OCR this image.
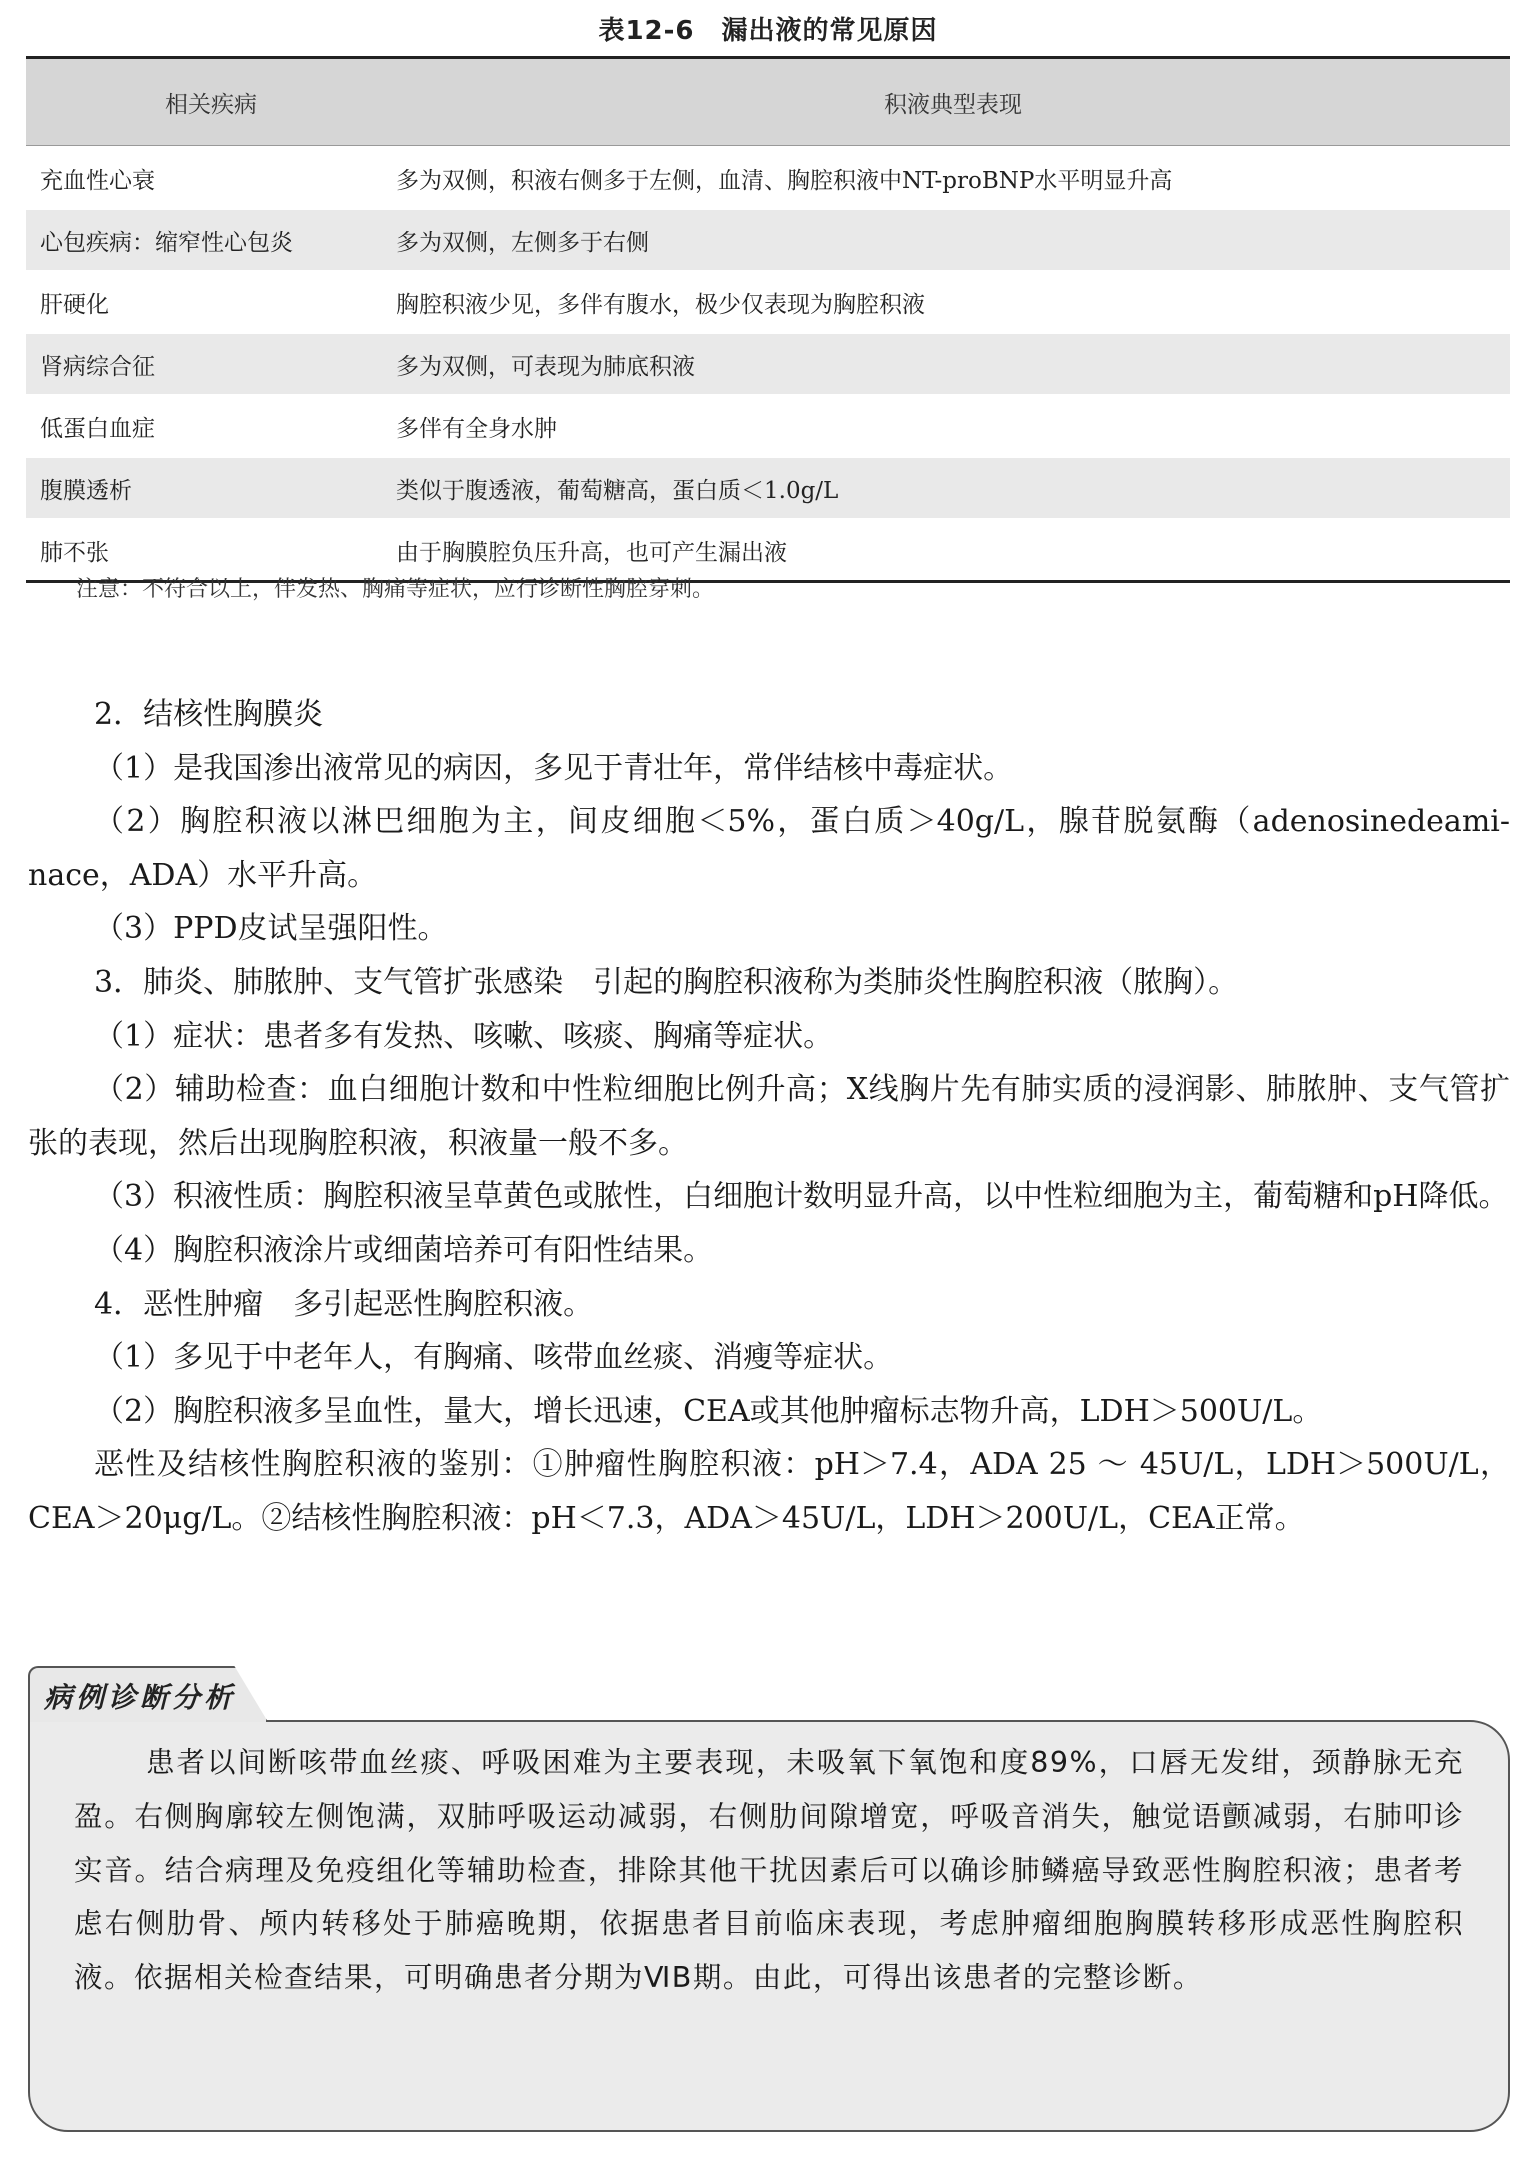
表12-6　漏出液的常见原因
相关疾病	积液典型表现
充血性心衰	多为双侧，积液右侧多于左侧，血清、胸腔积液中NT-proBNP水平明显升高
心包疾病：缩窄性心包炎	多为双侧，左侧多于右侧
肝硬化	胸腔积液少见，多伴有腹水，极少仅表现为胸腔积液
肾病综合征	多为双侧，可表现为肺底积液
低蛋白血症	多伴有全身水肿
腹膜透析	类似于腹透液，葡萄糖高，蛋白质＜1.0g/L
肺不张	由于胸膜腔负压升高，也可产生漏出液
注意：不符合以上，伴发热、胸痛等症状，应行诊断性胸腔穿刺。

2．结核性胸膜炎

（1）是我国渗出液常见的病因，多见于青壮年，常伴结核中毒症状。

（2）胸腔积液以淋巴细胞为主，间皮细胞＜5%，蛋白质＞40g/L，腺苷脱氨酶（adenosinedeami-nace，ADA）水平升高。

（3）PPD皮试呈强阳性。

3．肺炎、肺脓肿、支气管扩张感染　引起的胸腔积液称为类肺炎性胸腔积液（脓胸）。

（1）症状：患者多有发热、咳嗽、咳痰、胸痛等症状。

（2）辅助检查：血白细胞计数和中性粒细胞比例升高；X线胸片先有肺实质的浸润影、肺脓肿、支气管扩张的表现，然后出现胸腔积液，积液量一般不多。

（3）积液性质：胸腔积液呈草黄色或脓性，白细胞计数明显升高，以中性粒细胞为主，葡萄糖和pH降低。

（4）胸腔积液涂片或细菌培养可有阳性结果。

4．恶性肿瘤　多引起恶性胸腔积液。

（1）多见于中老年人，有胸痛、咳带血丝痰、消瘦等症状。

（2）胸腔积液多呈血性，量大，增长迅速，CEA或其他肿瘤标志物升高，LDH＞500U/L。

恶性及结核性胸腔积液的鉴别：①肿瘤性胸腔积液：pH＞7.4，ADA 25 ～ 45U/L，LDH＞500U/L，CEA＞20μg/L。②结核性胸腔积液：pH＜7.3，ADA＞45U/L，LDH＞200U/L，CEA正常。

病例诊断分析
患者以间断咳带血丝痰、呼吸困难为主要表现，未吸氧下氧饱和度89%，口唇无发绀，颈静脉无充盈。右侧胸廓较左侧饱满，双肺呼吸运动减弱，右侧肋间隙增宽，呼吸音消失，触觉语颤减弱，右肺叩诊实音。结合病理及免疫组化等辅助检查，排除其他干扰因素后可以确诊肺鳞癌导致恶性胸腔积液；患者考虑右侧肋骨、颅内转移处于肺癌晚期，依据患者目前临床表现，考虑肿瘤细胞胸膜转移形成恶性胸腔积液。依据相关检查结果，可明确患者分期为ⅥB期。由此，可得出该患者的完整诊断。
